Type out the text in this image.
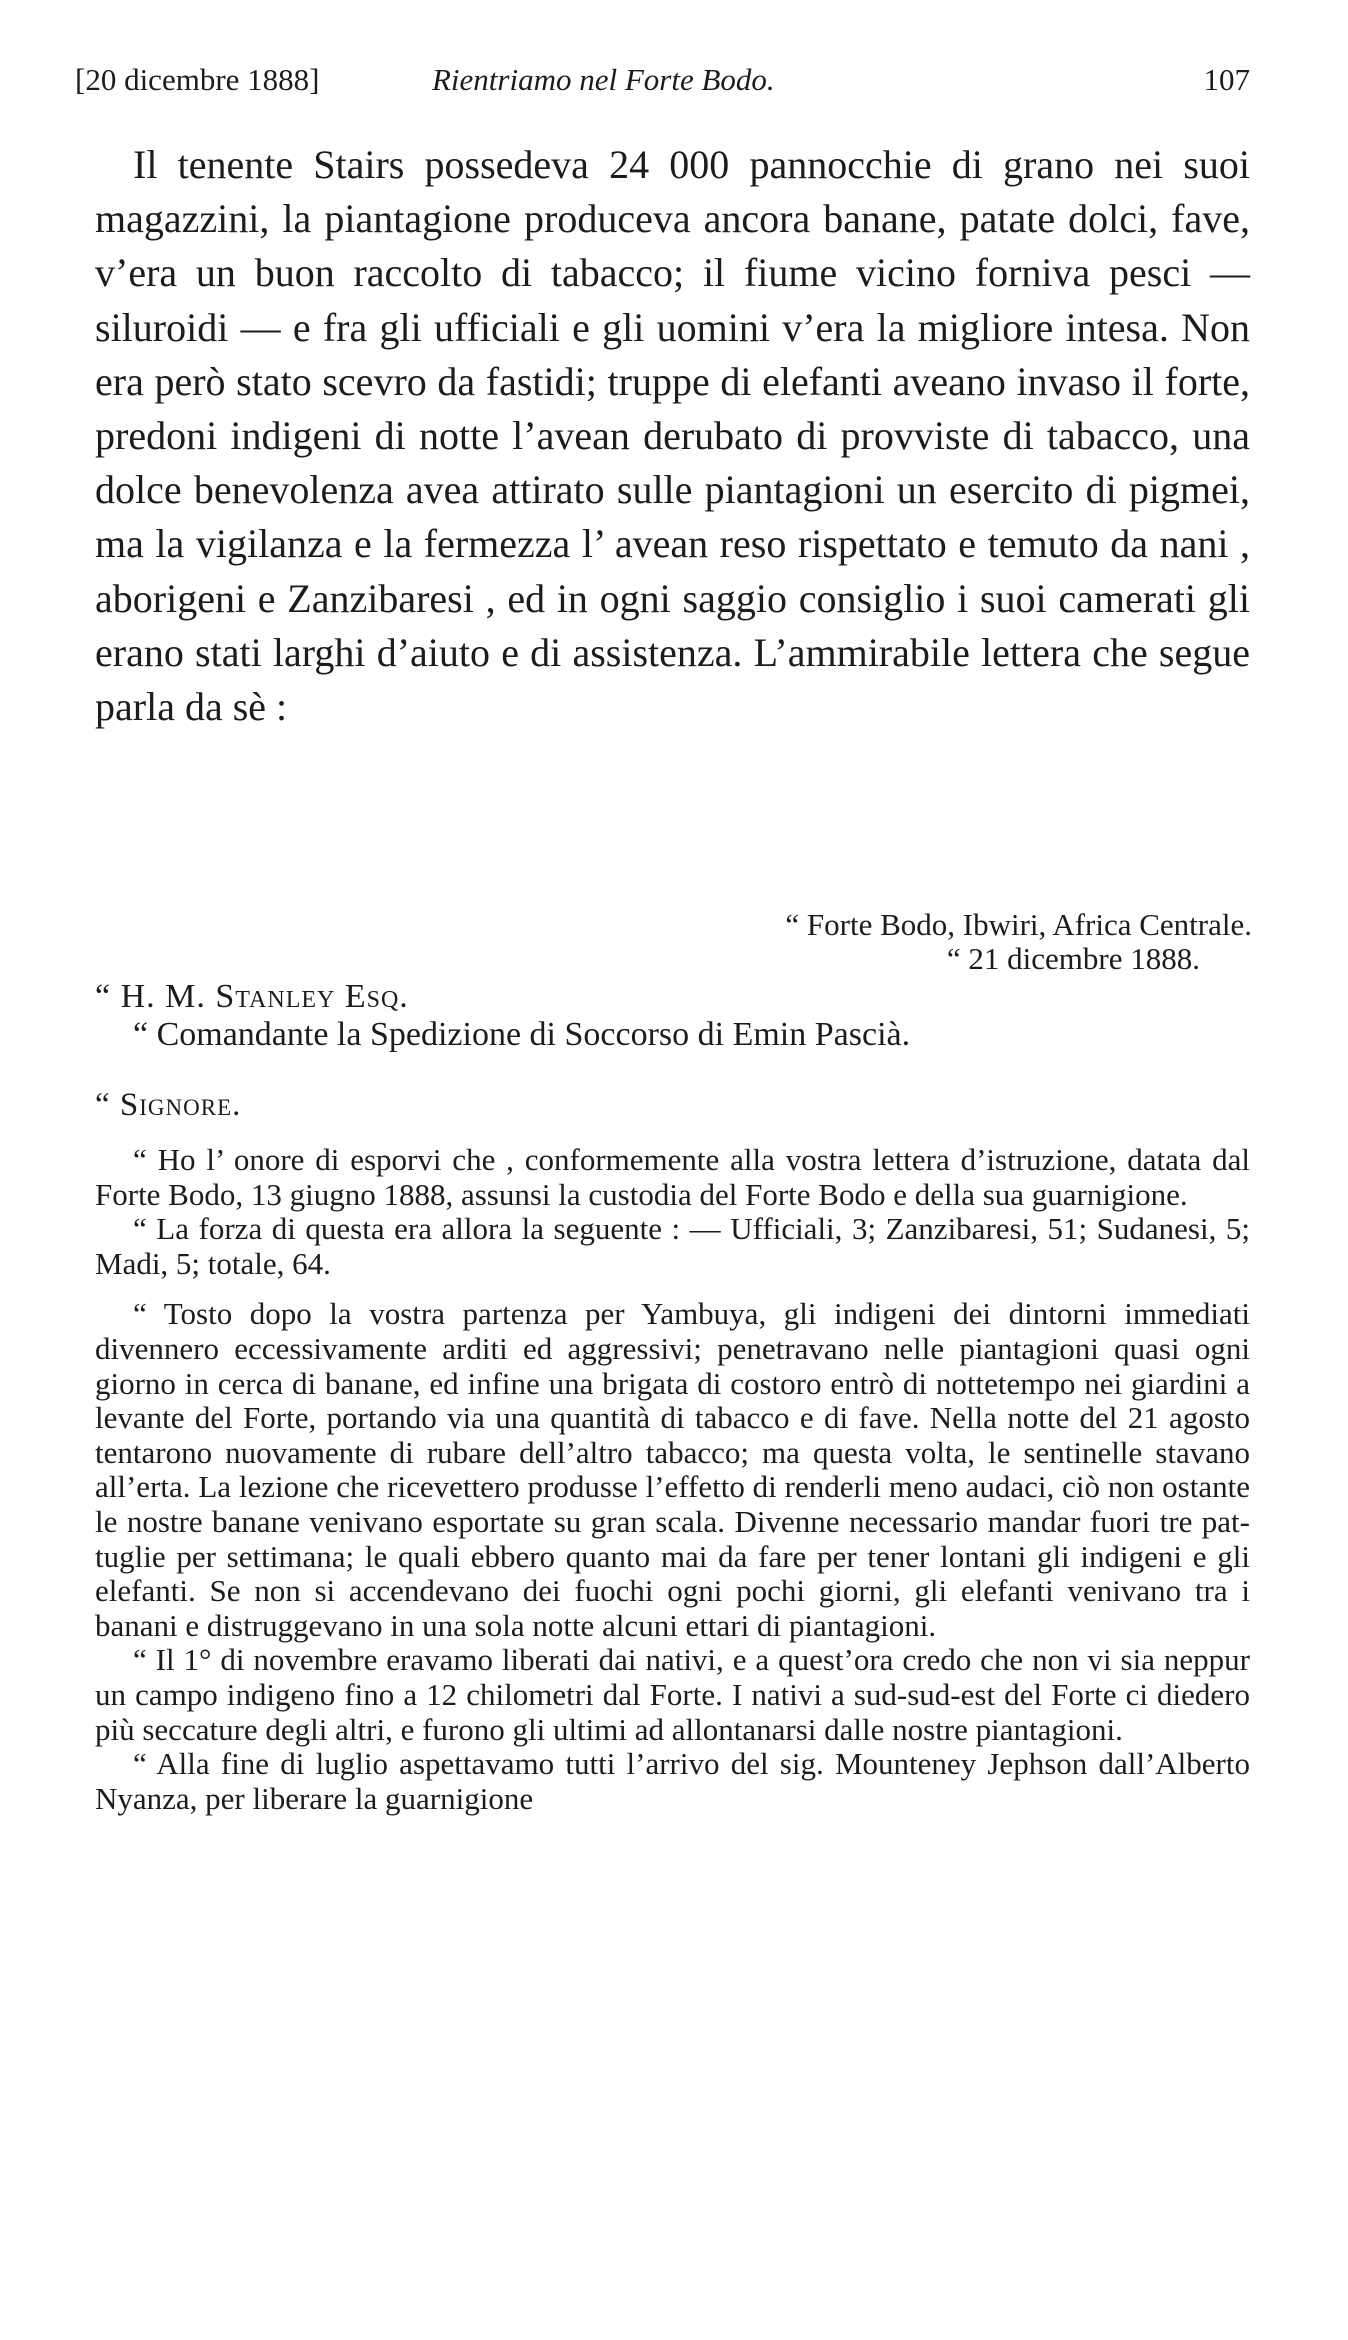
[20 dicembre 1888]	Rientriamo nel Forte Bodo.	107

Il tenente Stairs possedeva 24 000 pannocchie di grano nei suoi magazzini, la piantagione produceva ancora banane, patate dolci, fave, v’era un buon raccolto di tabacco; il fiume vicino forniva pesci — siluroidi — e fra gli ufficiali e gli uomini v’era la migliore intesa. Non era però stato scevro da fastidi; truppe di elefanti aveano invaso il forte, predoni indigeni di notte l’avean derubato di provviste di tabacco, una dolce benevolenza avea attirato sulle piantagioni un esercito di pigmei, ma la vigilanza e la fermezza l’ avean reso rispettato e temuto da nani , aborigeni e Zanzibaresi , ed in ogni saggio consiglio i suoi camerati gli erano stati larghi d’aiuto e di assistenza. L’ammirabile lettera che segue parla da sè :

“ Forte Bodo, Ibwiri, Africa Centrale.
“ 21 dicembre 1888.
“ H. M. Stanley Esq.
“ Comandante la Spedizione di Soccorso di Emin Pascià.
“ Signore.

“ Ho l’ onore di esporvi che , conformemente alla vostra lettera d’istruzione, datata dal Forte Bodo, 13 giugno 1888, assunsi la custodia del Forte Bodo e della sua guarnigione.

“ La forza di questa era allora la seguente : — Ufficiali, 3; Zanzibaresi, 51; Sudanesi, 5; Madi, 5; totale, 64.

“ Tosto dopo la vostra partenza per Yambuya, gli indigeni dei dintorni immediati divennero eccessivamente arditi ed aggressivi; penetravano nelle piantagioni quasi ogni giorno in cerca di banane, ed infine una brigata di costoro entrò di nottetempo nei giardini a levante del Forte, portando via una quantità di tabacco e di fave. Nella notte del 21 agosto tentarono nuovamente di rubare dell’altro tabacco; ma questa volta, le sentinelle stavano all’erta. La lezione che ricevettero produsse l’effetto di renderli meno audaci, ciò non ostante le nostre banane venivano esportate su gran scala. Divenne necessario mandar fuori tre pattuglie per settimana; le quali ebbero quanto mai da fare per tener lontani gli indigeni e gli elefanti. Se non si accendevano dei fuochi ogni pochi giorni, gli elefanti venivano tra i banani e distruggevano in una sola notte alcuni ettari di piantagioni.

“ Il 1° di novembre eravamo liberati dai nativi, e a quest’ora credo che non vi sia neppur un campo indigeno fino a 12 chilometri dal Forte. I nativi a sud-sud-est del Forte ci diedero più seccature degli altri, e furono gli ultimi ad allontanarsi dalle nostre piantagioni.

“ Alla fine di luglio aspettavamo tutti l’arrivo del sig. Mounteney Jephson dall’Alberto Nyanza, per liberare la guarnigione
